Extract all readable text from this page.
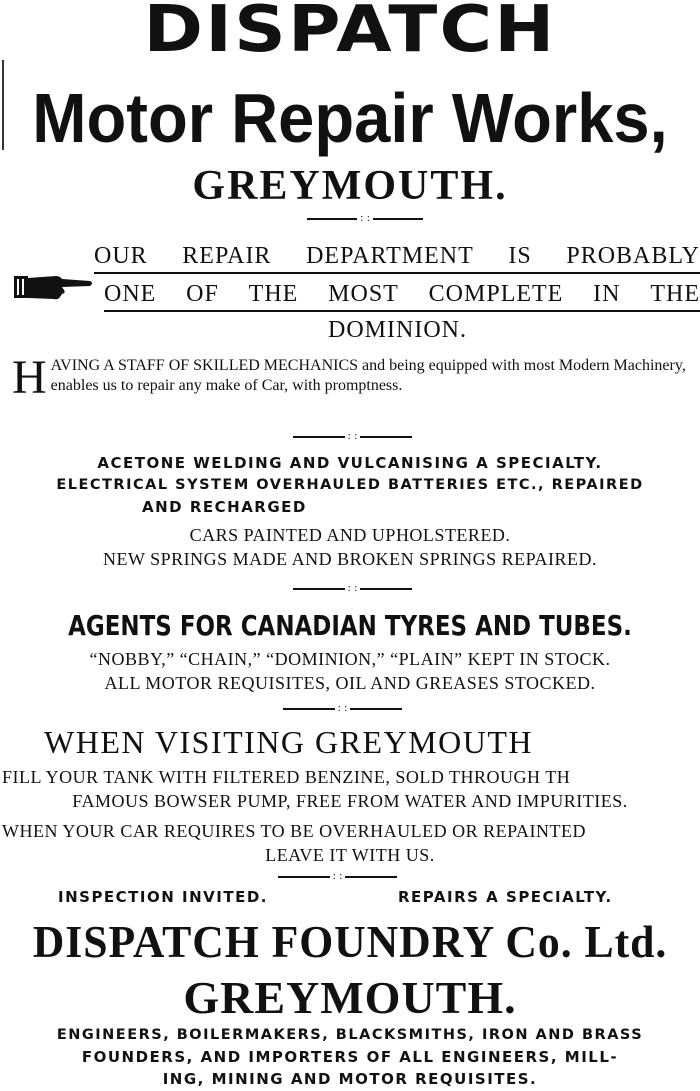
DISPATCH
Motor Repair Works,
GREYMOUTH.
: :
OUR REPAIR DEPARTMENT IS PROBABLY
ONE OF THE MOST COMPLETE IN THE
DOMINION.
H AVING A STAFF OF SKILLED MECHANICS and being equipped with most Modern Machinery, enables us to repair any make of Car, with promptness.
: :
ACETONE WELDING AND VULCANISING A SPECIALTY.
ELECTRICAL SYSTEM OVERHAULED BATTERIES ETC., REPAIRED
AND RECHARGED
CARS PAINTED AND UPHOLSTERED.
NEW SPRINGS MADE AND BROKEN SPRINGS REPAIRED.
: :
AGENTS FOR CANADIAN TYRES AND TUBES.
“NOBBY,” “CHAIN,” “DOMINION,” “PLAIN” KEPT IN STOCK.
ALL MOTOR REQUISITES, OIL AND GREASES STOCKED.
: :
WHEN VISITING GREYMOUTH
FILL YOUR TANK WITH FILTERED BENZINE, SOLD THROUGH TH
FAMOUS BOWSER PUMP, FREE FROM WATER AND IMPURITIES.
WHEN YOUR CAR REQUIRES TO BE OVERHAULED OR REPAINTED
LEAVE IT WITH US.
: :
INSPECTION INVITED.	REPAIRS A SPECIALTY.
DISPATCH FOUNDRY Co. Ltd.
GREYMOUTH.
ENGINEERS, BOILERMAKERS, BLACKSMITHS, IRON AND BRASS
FOUNDERS, AND IMPORTERS OF ALL ENGINEERS, MILL-
ING, MINING AND MOTOR REQUISITES.
